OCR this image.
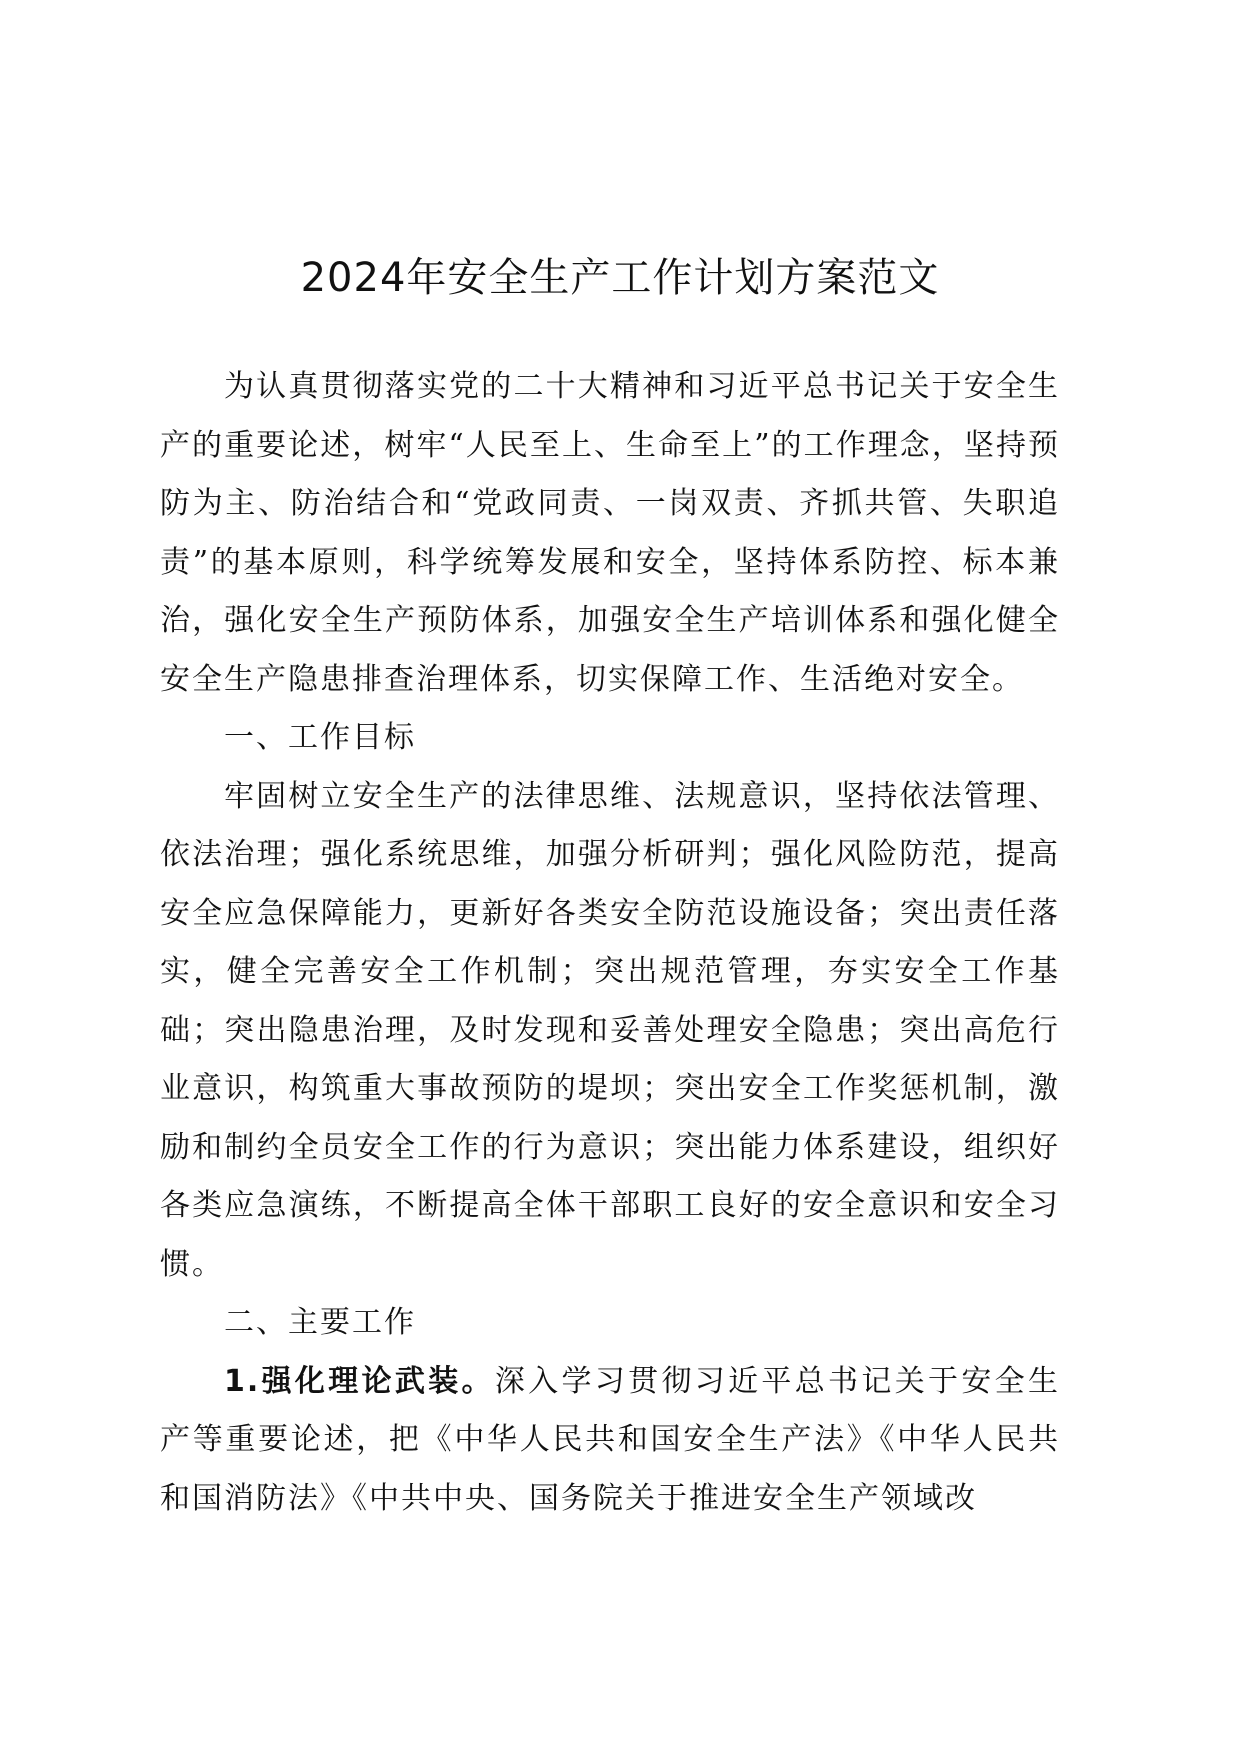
2024年安全生产工作计划方案范文

为认真贯彻落实党的二十大精神和习近平总书记关于安全生产的重要论述，树牢“人民至上、生命至上”的工作理念，坚持预防为主、防治结合和“党政同责、一岗双责、齐抓共管、失职追责”的基本原则，科学统筹发展和安全，坚持体系防控、标本兼治，强化安全生产预防体系，加强安全生产培训体系和强化健全安全生产隐患排查治理体系，切实保障工作、生活绝对安全。

一、工作目标

牢固树立安全生产的法律思维、法规意识，坚持依法管理、依法治理；强化系统思维，加强分析研判；强化风险防范，提高安全应急保障能力，更新好各类安全防范设施设备；突出责任落实，健全完善安全工作机制；突出规范管理，夯实安全工作基础；突出隐患治理，及时发现和妥善处理安全隐患；突出高危行业意识，构筑重大事故预防的堤坝；突出安全工作奖惩机制，激励和制约全员安全工作的行为意识；突出能力体系建设，组织好各类应急演练，不断提高全体干部职工良好的安全意识和安全习惯。

二、主要工作

1.强化理论武装。深入学习贯彻习近平总书记关于安全生产等重要论述，把《中华人民共和国安全生产法》《中华人民共和国消防法》《中共中央、国务院关于推进安全生产领域改
